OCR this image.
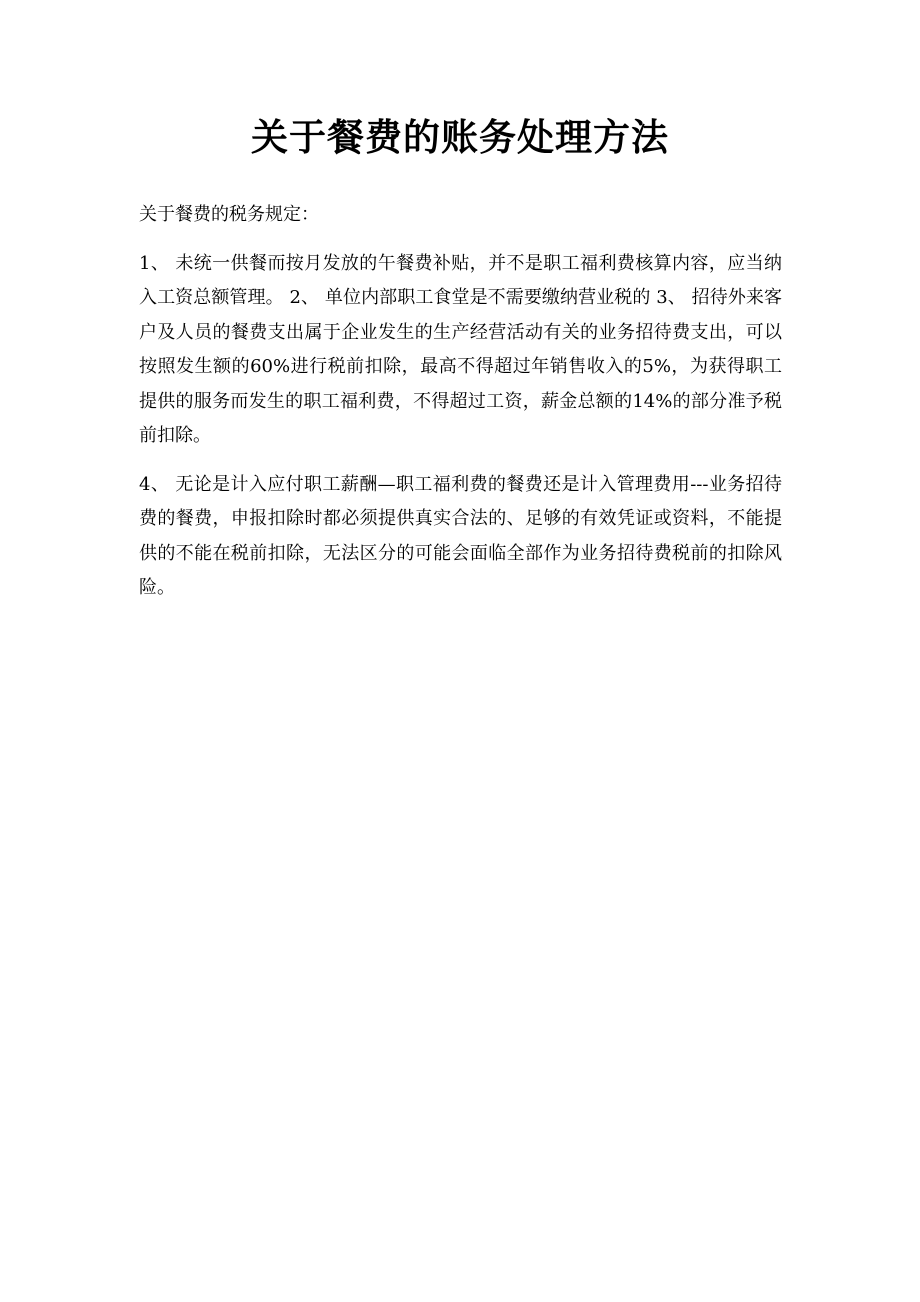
关于餐费的账务处理方法

关于餐费的税务规定：

1、 未统一供餐而按月发放的午餐费补贴，并不是职工福利费核算内容，应当纳入工资总额管理。 2、 单位内部职工食堂是不需要缴纳营业税的 3、 招待外来客户及人员的餐费支出属于企业发生的生产经营活动有关的业务招待费支出，可以按照发生额的60%进行税前扣除，最高不得超过年销售收入的5%，为获得职工提供的服务而发生的职工福利费，不得超过工资，薪金总额的14%的部分准予税前扣除。

4、 无论是计入应付职工薪酬—职工福利费的餐费还是计入管理费用---业务招待费的餐费，申报扣除时都必须提供真实合法的、足够的有效凭证或资料，不能提供的不能在税前扣除，无法区分的可能会面临全部作为业务招待费税前的扣除风险。
